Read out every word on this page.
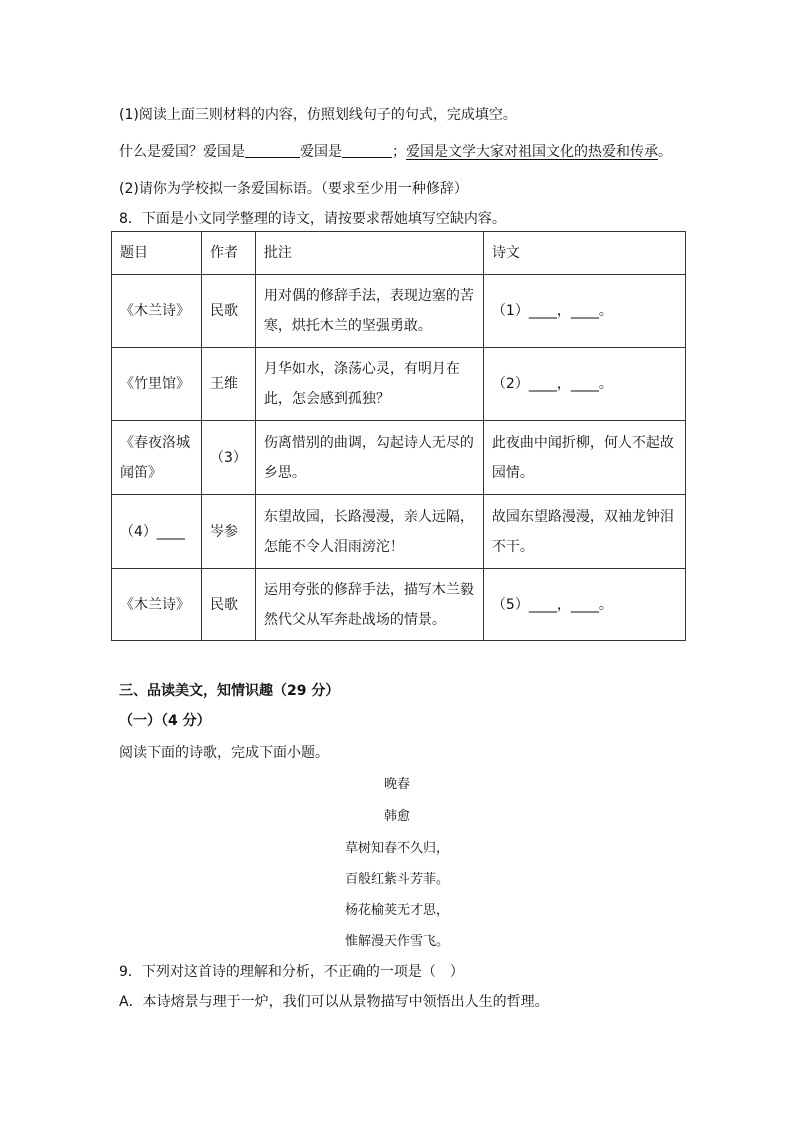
(1)阅读上面三则材料的内容，仿照划线句子的句式，完成填空。
什么是爱国？爱国是	爱国是	；爱国是文学大家对祖国文化的热爱和传承。
(2)请你为学校拟一条爱国标语。（要求至少用一种修辞）
8．下面是小文同学整理的诗文，请按要求帮她填写空缺内容。
题目	作者	批注	诗文
《木兰诗》	民歌	用对偶的修辞手法，表现边塞的苦寒，烘托木兰的坚强勇敢。	（1）____，____。
《竹里馆》	王维	月华如水，涤荡心灵，有明月在此，怎会感到孤独？	（2）____，____。
《春夜洛城闻笛》	（3）	伤离惜别的曲调，勾起诗人无尽的乡思。	此夜曲中闻折柳，何人不起故园情。
（4）____	岑参	东望故园，长路漫漫，亲人远隔，怎能不令人泪雨滂沱！	故园东望路漫漫，双袖龙钟泪不干。
《木兰诗》	民歌	运用夸张的修辞手法，描写木兰毅然代父从军奔赴战场的情景。	（5）____，____。
三、品读美文，知情识趣（29 分）
（一）（4 分）
阅读下面的诗歌，完成下面小题。
晚春
韩愈
草树知春不久归，
百般红紫斗芳菲。
杨花榆荚无才思，
惟解漫天作雪飞。
9．下列对这首诗的理解和分析，不正确的一项是（　）
A．本诗熔景与理于一炉，我们可以从景物描写中领悟出人生的哲理。
